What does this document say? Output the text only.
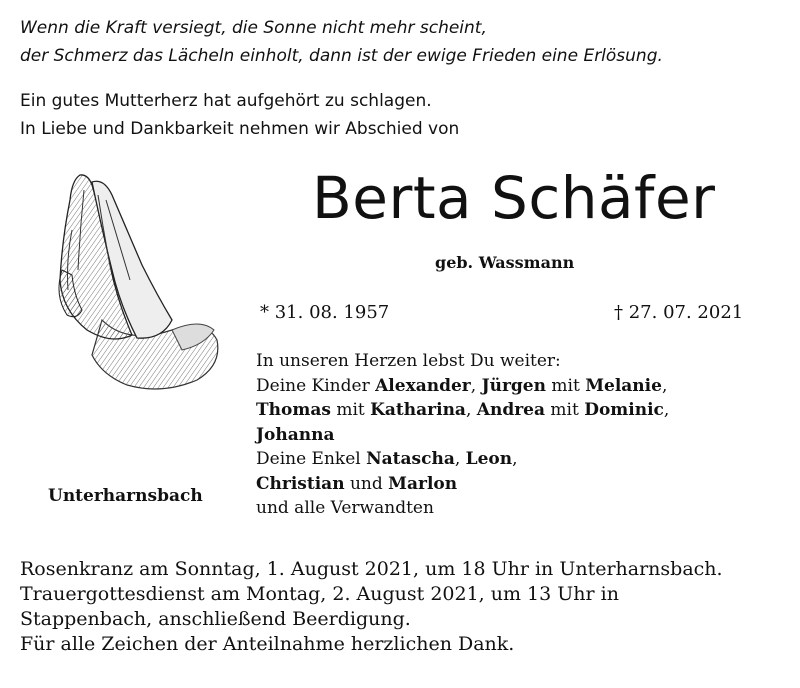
Wenn die Kraft versiegt, die Sonne nicht mehr scheint,
der Schmerz das Lächeln einholt, dann ist der ewige Frieden eine Erlösung.
Ein gutes Mutterherz hat aufgehört zu schlagen.
In Liebe und Dankbarkeit nehmen wir Abschied von
Berta Schäfer
geb. Wassmann
* 31. 08. 1957	† 27. 07. 2021
In unseren Herzen lebst Du weiter:
Deine Kinder Alexander, Jürgen mit Melanie,
Thomas mit Katharina, Andrea mit Dominic,
Johanna
Deine Enkel Natascha, Leon,
Christian und Marlon
und alle Verwandten
Unterharnsbach
Rosenkranz am Sonntag, 1. August 2021, um 18 Uhr in Unterharnsbach.
Trauergottesdienst am Montag, 2. August 2021, um 13 Uhr in
Stappenbach, anschließend Beerdigung.
Für alle Zeichen der Anteilnahme herzlichen Dank.
